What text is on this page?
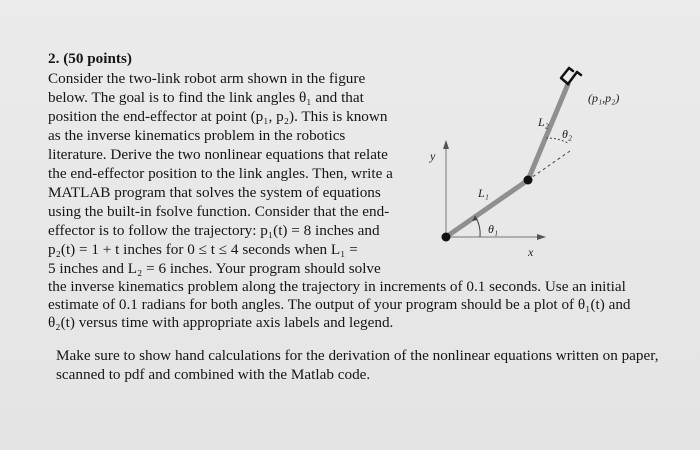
2. (50 points)
Consider the two-link robot arm shown in the figure
below. The goal is to find the link angles θ₁ and that
position the end-effector at point (p₁, p₂). This is known
as the inverse kinematics problem in the robotics
literature. Derive the two nonlinear equations that relate
the end-effector position to the link angles. Then, write a
MATLAB program that solves the system of equations
using the built-in fsolve function. Consider that the end-
effector is to follow the trajectory: p₁(t) = 8 inches and
p₂(t) = 1 + t inches for 0 ≤ t ≤ 4 seconds when L₁ =
5 inches and L₂ = 6 inches. Your program should solve
the inverse kinematics problem along the trajectory in increments of 0.1 seconds. Use an initial
estimate of 0.1 radians for both angles. The output of your program should be a plot of θ₁(t) and
θ₂(t) versus time with appropriate axis labels and legend.
Make sure to show hand calculations for the derivation of the nonlinear equations written on paper,
scanned to pdf and combined with the Matlab code.
y
x
L₁
θ₁
L₂
θ₂
(p₁,p₂)
